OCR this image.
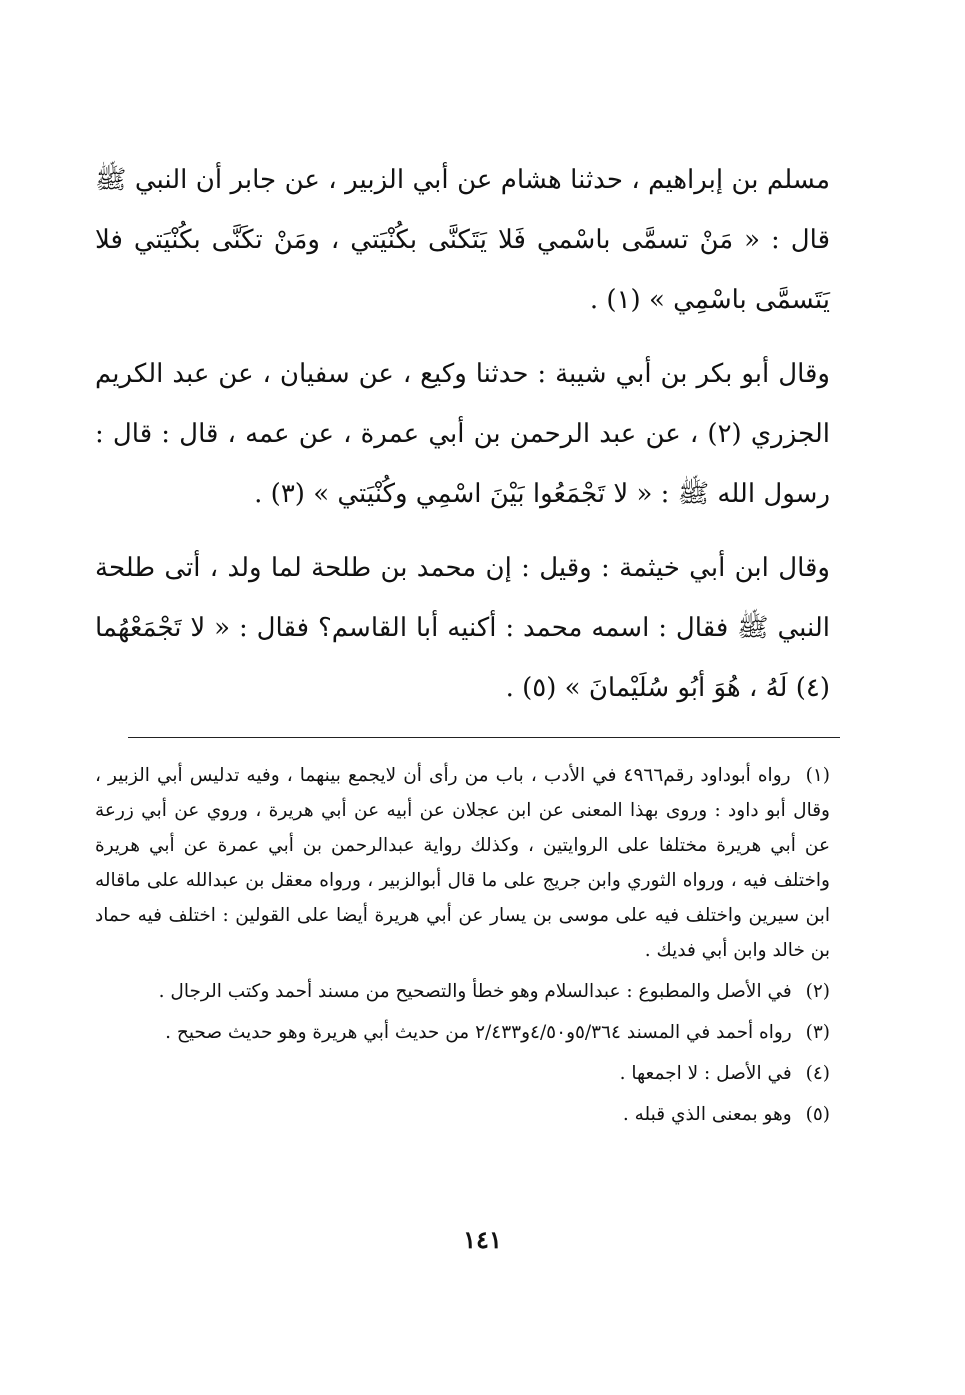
مسلم بن إبراهيم ، حدثنا هشام عن أبي الزبير ، عن جابر أن النبي ﷺ قال : « مَنْ تسمَّى باسْمي فَلا يَتَكنَّى بكُنْيَتي ، ومَنْ تكَنَّى بكُنْيَتي فلا يَتَسمَّى باسْمِي » (١) .

وقال أبو بكر بن أبي شيبة : حدثنا وكيع ، عن سفيان ، عن عبد الكريم الجزري (٢) ، عن عبد الرحمن بن أبي عمرة ، عن عمه ، قال : قال : رسول الله ﷺ : « لا تَجْمَعُوا بَيْنَ اسْمِي وكُنْيَتي » (٣) .

وقال ابن أبي خيثمة : وقيل : إن محمد بن طلحة لما ولد ، أتى طلحة النبي ﷺ فقال : اسمه محمد : أكنيه أبا القاسم؟ فقال : « لا تَجْمَعْهُما (٤) لَهُ ، هُوَ أبُو سُلَيْمانَ » (٥) .

(١) رواه أبوداود رقم٤٩٦٦ في الأدب ، باب من رأى أن لايجمع بينهما ، وفيه تدليس أبي الزبير ، وقال أبو داود : وروى بهذا المعنى عن ابن عجلان عن أبيه عن أبي هريرة ، وروي عن أبي زرعة عن أبي هريرة مختلفا على الروايتين ، وكذلك رواية عبدالرحمن بن أبي عمرة عن أبي هريرة واختلف فيه ، ورواه الثوري وابن جريج على ما قال أبوالزبير ، ورواه معقل بن عبدالله على ماقاله ابن سيرين واختلف فيه على موسى بن يسار عن أبي هريرة أيضا على القولين : اختلف فيه حماد بن خالد وابن أبي فديك .

(٢) في الأصل والمطبوع : عبدالسلام وهو خطأ والتصحيح من مسند أحمد وكتب الرجال .

(٣) رواه أحمد في المسند ٥/٣٦٤و٤/٥٠و٢/٤٣٣ من حديث أبي هريرة وهو حديث صحيح .

(٤) في الأصل : لا اجمعها .

(٥) وهو بمعنى الذي قبله .

١٤١
